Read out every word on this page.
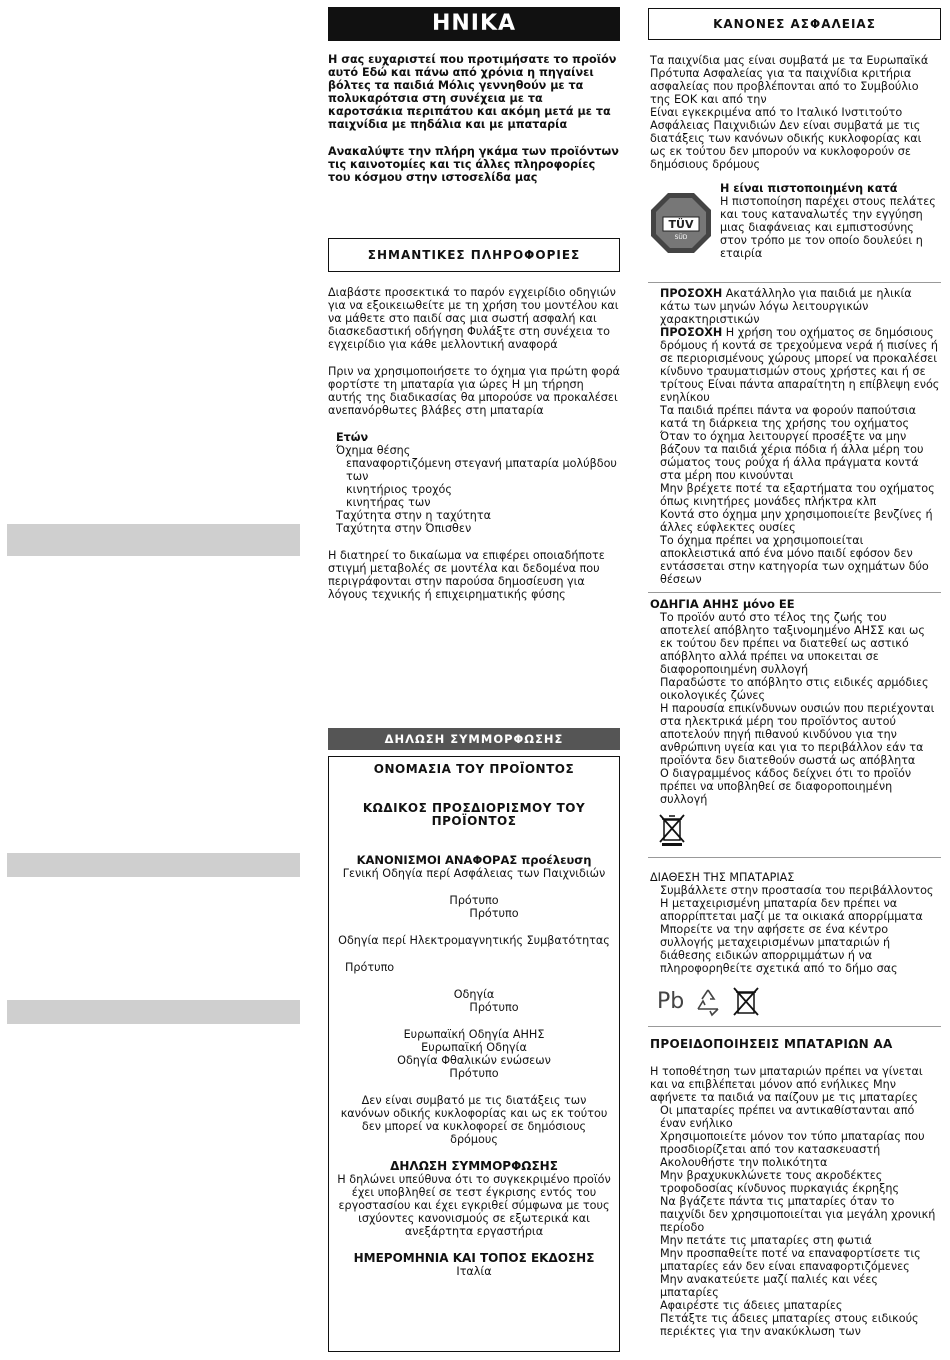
ΗΝΙΚΑ

Η σας ευχαριστεί που προτιμήσατε το προϊόν αυτό Εδώ και πάνω από χρόνια η πηγαίνει βόλτες τα παιδιά Μόλις γεννηθούν με τα πολυκαρότσια στη συνέχεια με τα καροτσάκια περιπάτου και ακόμη μετά με τα παιχνίδια με πηδάλια και με μπαταρία

Ανακαλύψτε την πλήρη γκάμα των προϊόντων τις καινοτομίες και τις άλλες πληροφορίες του κόσμου στην ιστοσελίδα μας

ΣΗΜΑΝΤΙΚΕΣ ΠΛΗΡΟΦΟΡΙΕΣ

Διαβάστε προσεκτικά το παρόν εγχειρίδιο οδηγιών για να εξοικειωθείτε με τη χρήση του μοντέλου και να μάθετε στο παιδί σας μια σωστή ασφαλή και διασκεδαστική οδήγηση Φυλάξτε στη συνέχεια το εγχειρίδιο για κάθε μελλοντική αναφορά

Πριν να χρησιμοποιήσετε το όχημα για πρώτη φορά φορτίστε τη μπαταρία για ώρες Η μη τήρηση αυτής της διαδικασίας θα μπορούσε να προκαλέσει ανεπανόρθωτες βλάβες στη μπαταρία

Ετών

Όχημα θέσης

επαναφορτιζόμενη στεγανή μπαταρία μολύβδου των

κινητήριος τροχός

κινητήρας των

Ταχύτητα στην η ταχύτητα

Ταχύτητα στην Όπισθεν

Η διατηρεί το δικαίωμα να επιφέρει οποιαδήποτε στιγμή μεταβολές σε μοντέλα και δεδομένα που περιγράφονται στην παρούσα δημοσίευση για λόγους τεχνικής ή επιχειρηματικής φύσης

ΔΗΛΩΣΗ ΣΥΜΜΟΡΦΩΣΗΣ

ΟΝΟΜΑΣΙΑ ΤΟΥ ΠΡΟΪΟΝΤΟΣ

ΚΩΔΙΚΟΣ ΠΡΟΣΔΙΟΡΙΣΜΟΥ ΤΟΥ ΠΡΟΪΟΝΤΟΣ

ΚΑΝΟΝΙΣΜΟΙ ΑΝΑΦΟΡΑΣ προέλευση

Γενική Οδηγία περί Ασφάλειας των Παιχνιδιών

Πρότυπο

Πρότυπο

Οδηγία περί Ηλεκτρομαγνητικής Συμβατότητας

Πρότυπο

Οδηγία

Πρότυπο

Ευρωπαϊκή Οδηγία ΑΗΗΣ

Ευρωπαϊκή Οδηγία

Οδηγία Φθαλικών ενώσεων

Πρότυπο

Δεν είναι συμβατό με τις διατάξεις των κανόνων οδικής κυκλοφορίας και ως εκ τούτου δεν μπορεί να κυκλοφορεί σε δημόσιους δρόμους

ΔΗΛΩΣΗ ΣΥΜΜΟΡΦΩΣΗΣ

Η δηλώνει υπεύθυνα ότι το συγκεκριμένο προϊόν έχει υποβληθεί σε τεστ έγκρισης εντός του εργοστασίου και έχει εγκριθεί σύμφωνα με τους ισχύοντες κανονισμούς σε εξωτερικά και ανεξάρτητα εργαστήρια

ΗΜΕΡΟΜΗΝΙΑ ΚΑΙ ΤΟΠΟΣ ΕΚΔΟΣΗΣ

Ιταλία

ΚΑΝΟΝΕΣ ΑΣΦΑΛΕΙΑΣ

Τα παιχνίδια μας είναι συμβατά με τα Ευρωπαϊκά Πρότυπα Ασφαλείας για τα παιχνίδια κριτήρια ασφαλείας που προβλέπονται από το Συμβούλιο της ΕΟΚ και από την

Είναι εγκεκριμένα από το Ιταλικό Ινστιτούτο Ασφάλειας Παιχνιδιών Δεν είναι συμβατά με τις διατάξεις των κανόνων οδικής κυκλοφορίας και ως εκ τούτου δεν μπορούν να κυκλοφορούν σε δημόσιους δρόμους

TÜV
SÜD

Η είναι πιστοποιημένη κατά

Η πιστοποίηση παρέχει στους πελάτες και τους καταναλωτές την εγγύηση μιας διαφάνειας και εμπιστοσύνης στον τρόπο με τον οποίο δουλεύει η εταιρία

ΠΡΟΣΟΧΗ Ακατάλληλο για παιδιά με ηλικία κάτω των μηνών λόγω λειτουργικών χαρακτηριστικών

ΠΡΟΣΟΧΗ Η χρήση του οχήματος σε δημόσιους δρόμους ή κοντά σε τρεχούμενα νερά ή πισίνες ή σε περιορισμένους χώρους μπορεί να προκαλέσει κίνδυνο τραυματισμών στους χρήστες και ή σε τρίτους Είναι πάντα απαραίτητη η επίβλεψη ενός ενηλίκου

Τα παιδιά πρέπει πάντα να φορούν παπούτσια κατά τη διάρκεια της χρήσης του οχήματος

Όταν το όχημα λειτουργεί προσέξτε να μην βάζουν τα παιδιά χέρια πόδια ή άλλα μέρη του σώματος τους ρούχα ή άλλα πράγματα κοντά στα μέρη που κινούνται

Μην βρέχετε ποτέ τα εξαρτήματα του οχήματος όπως κινητήρες μονάδες πλήκτρα κλπ

Κοντά στο όχημα μην χρησιμοποιείτε βενζίνες ή άλλες εύφλεκτες ουσίες

Το όχημα πρέπει να χρησιμοποιείται αποκλειστικά από ένα μόνο παιδί εφόσον δεν εντάσσεται στην κατηγορία των οχημάτων δύο θέσεων

ΟΔΗΓΙΑ ΑΗΗΣ μόνο ΕΕ

Το προϊόν αυτό στο τέλος της ζωής του αποτελεί απόβλητο ταξινομημένο ΑΗΣΣ και ως εκ τούτου δεν πρέπει να διατεθεί ως αστικό απόβλητο αλλά πρέπει να υποκειται σε διαφοροποιημένη συλλογή

Παραδώστε το απόβλητο στις ειδικές αρμόδιες οικολογικές ζώνες

Η παρουσία επικίνδυνων ουσιών που περιέχονται στα ηλεκτρικά μέρη του προϊόντος αυτού αποτελούν πηγή πιθανού κινδύνου για την ανθρώπινη υγεία και για το περιβάλλον εάν τα προϊόντα δεν διατεθούν σωστά ως απόβλητα

Ο διαγραμμένος κάδος δείχνει ότι το προϊόν πρέπει να υποβληθεί σε διαφοροποιημένη συλλογή

ΔΙΑΘΕΣΗ ΤΗΣ ΜΠΑΤΑΡΙΑΣ

Συμβάλλετε στην προστασία του περιβάλλοντος

Η μεταχειρισμένη μπαταρία δεν πρέπει να απορρίπτεται μαζί με τα οικιακά απορρίμματα

Μπορείτε να την αφήσετε σε ένα κέντρο συλλογής μεταχειρισμένων μπαταριών ή διάθεσης ειδικών απορριμμάτων ή να πληροφορηθείτε σχετικά από το δήμο σας

Pb

ΠΡΟΕΙΔΟΠΟΙΗΣΕΙΣ ΜΠΑΤΑΡΙΩΝ ΑΑ

Η τοποθέτηση των μπαταριών πρέπει να γίνεται και να επιβλέπεται μόνον από ενήλικες Μην αφήνετε τα παιδιά να παίζουν με τις μπαταρίες

Οι μπαταρίες πρέπει να αντικαθίστανται από έναν ενήλικο

Χρησιμοποιείτε μόνον τον τύπο μπαταρίας που προσδιορίζεται από τον κατασκευαστή

Ακολουθήστε την πολικότητα

Μην βραχυκυκλώνετε τους ακροδέκτες τροφοδοσίας κίνδυνος πυρκαγιάς έκρηξης

Να βγάζετε πάντα τις μπαταρίες όταν το παιχνίδι δεν χρησιμοποιείται για μεγάλη χρονική περίοδο

Μην πετάτε τις μπαταρίες στη φωτιά

Μην προσπαθείτε ποτέ να επαναφορτίσετε τις μπαταρίες εάν δεν είναι επαναφορτιζόμενες

Μην ανακατεύετε μαζί παλιές και νέες μπαταρίες

Αφαιρέστε τις άδειες μπαταρίες

Πετάξτε τις άδειες μπαταρίες στους ειδικούς περιέκτες για την ανακύκλωση των
